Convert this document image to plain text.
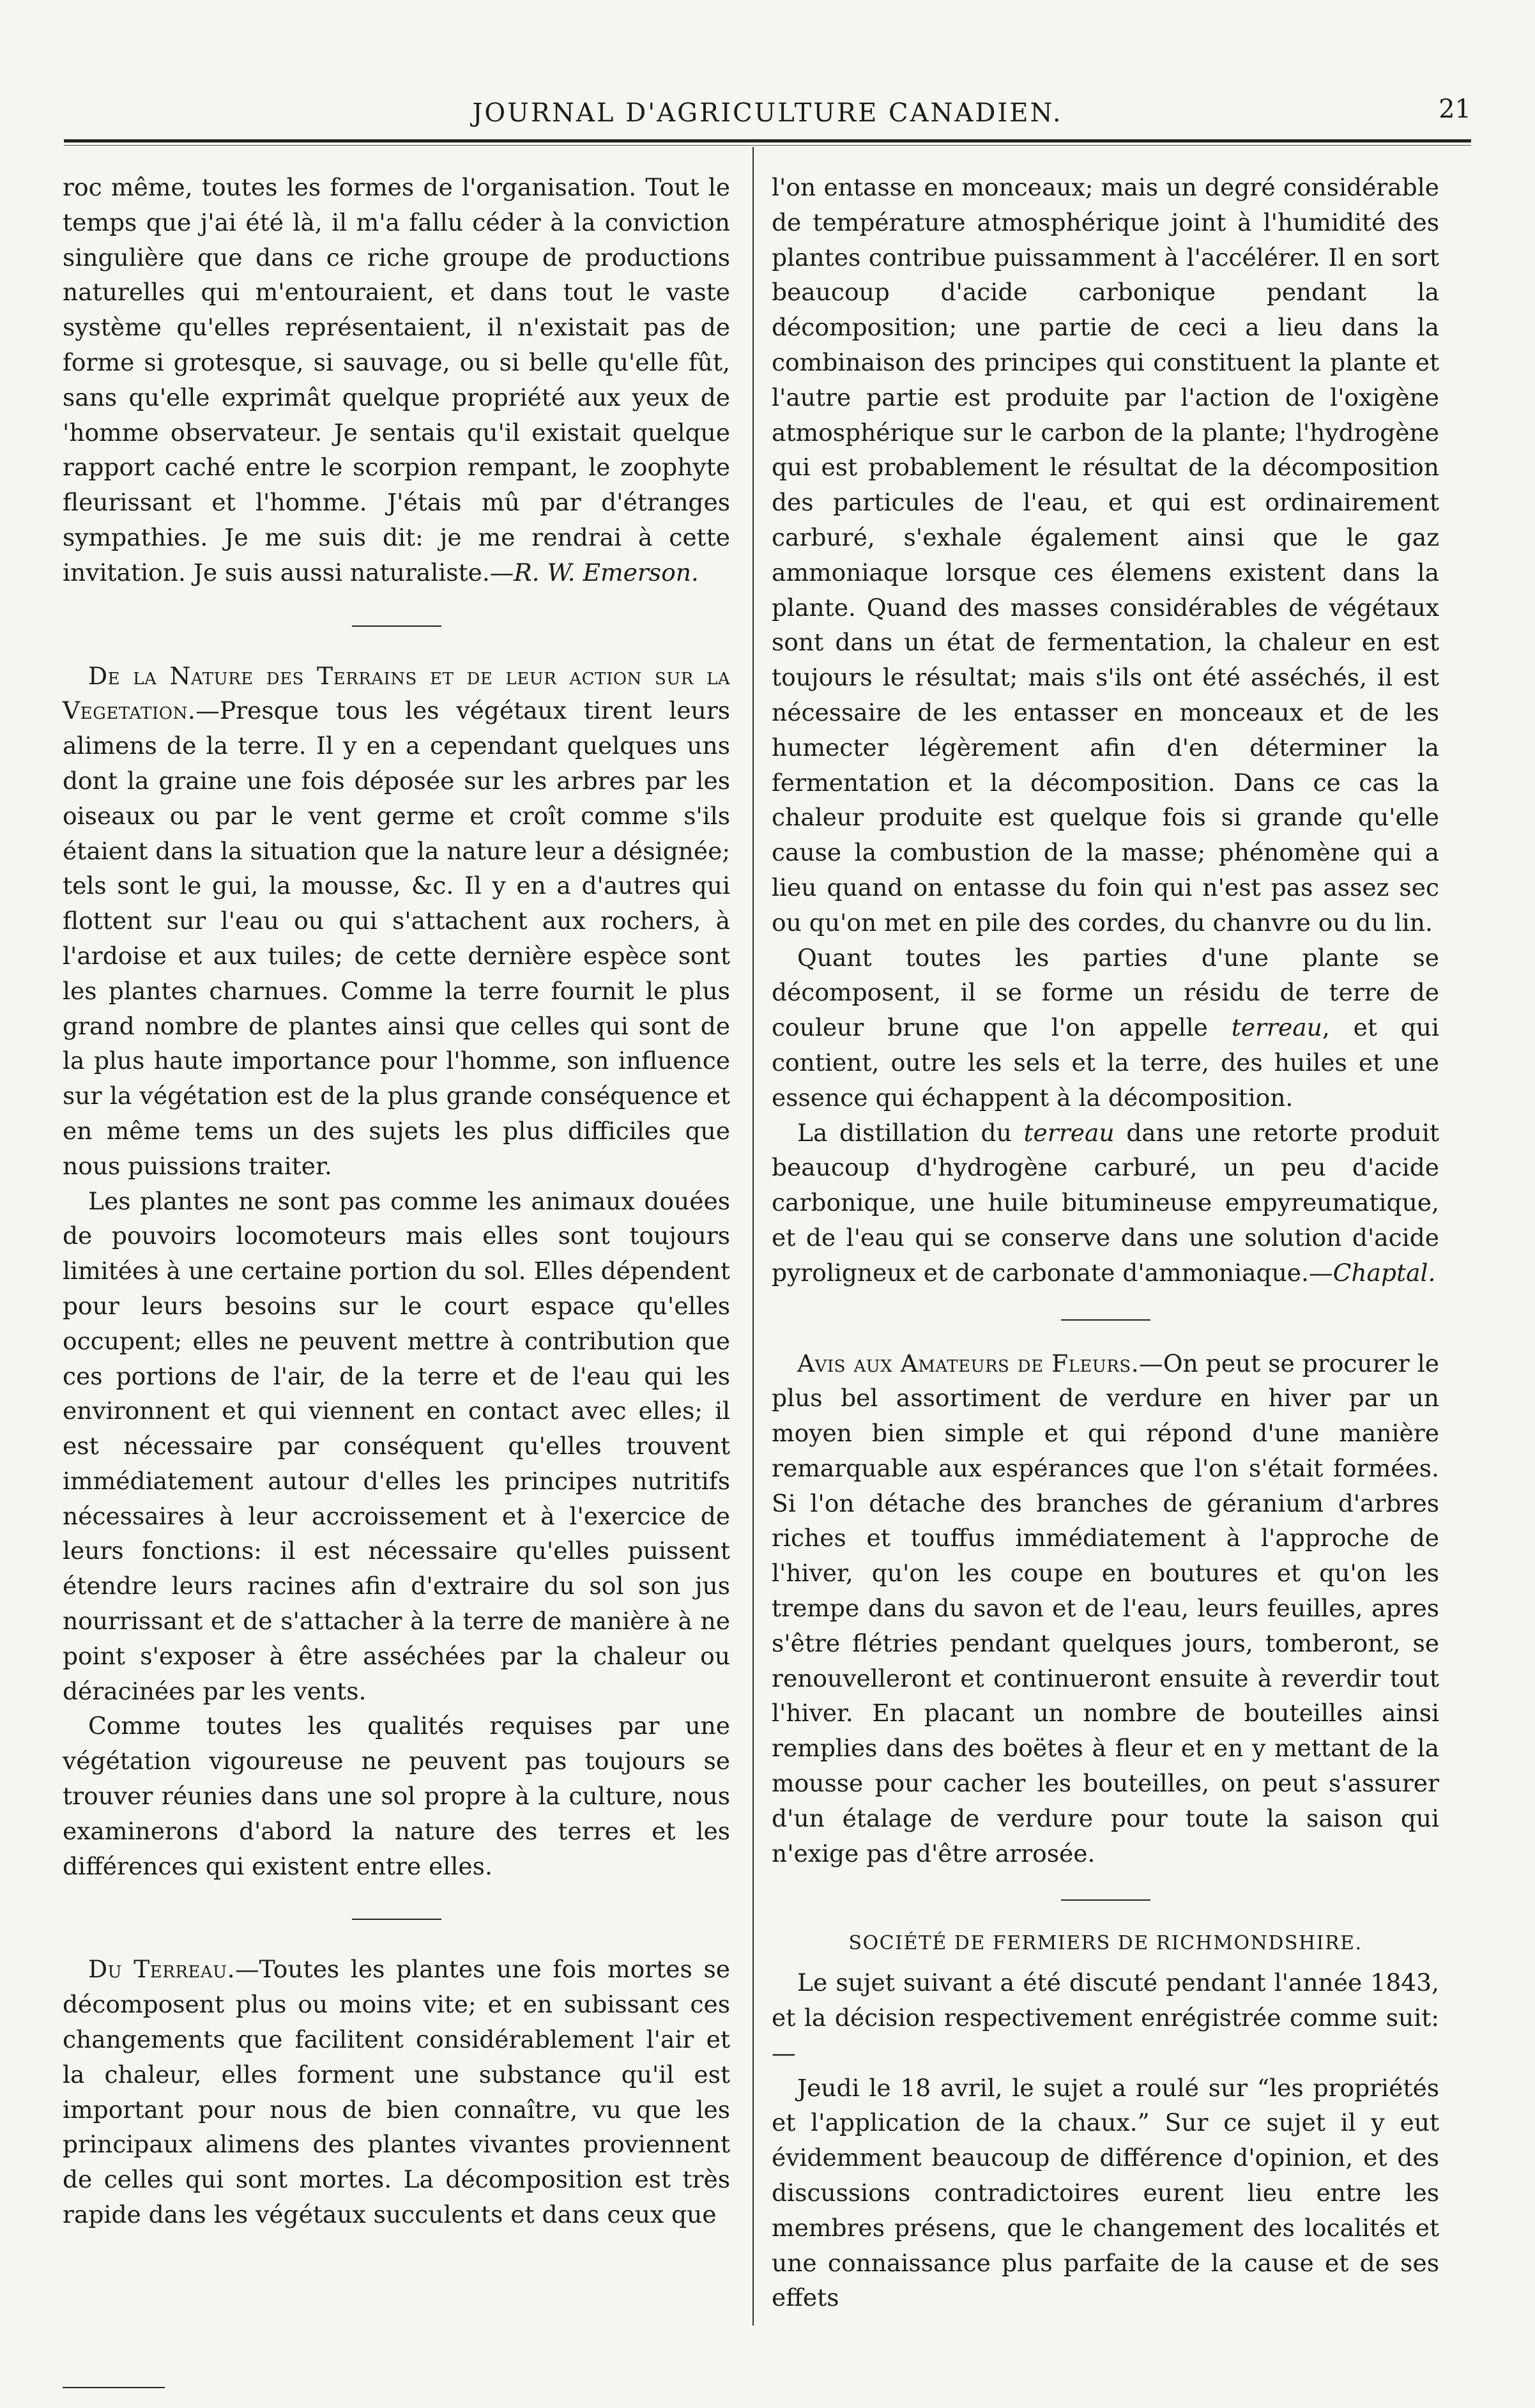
JOURNAL D'AGRICULTURE CANADIEN.	21

roc même, toutes les formes de l'organisation. Tout le temps que j'ai été là, il m'a fallu céder à la conviction singulière que dans ce riche groupe de productions naturelles qui m'entouraient, et dans tout le vaste système qu'elles représentaient, il n'existait pas de forme si grotesque, si sauvage, ou si belle qu'elle fût, sans qu'elle exprimât quelque propriété aux yeux de 'homme observateur. Je sentais qu'il existait quelque rapport caché entre le scorpion rempant, le zoophyte fleurissant et l'homme. J'étais mû par d'étranges sympathies. Je me suis dit: je me rendrai à cette invitation. Je suis aussi naturaliste.—R. W. Emerson.

De la Nature des Terrains et de leur action sur la Vegetation.—Presque tous les végétaux tirent leurs alimens de la terre. Il y en a cependant quelques uns dont la graine une fois déposée sur les arbres par les oiseaux ou par le vent germe et croît comme s'ils étaient dans la situation que la nature leur a désignée; tels sont le gui, la mousse, &c. Il y en a d'autres qui flottent sur l'eau ou qui s'attachent aux rochers, à l'ardoise et aux tuiles; de cette dernière espèce sont les plantes charnues. Comme la terre fournit le plus grand nombre de plantes ainsi que celles qui sont de la plus haute importance pour l'homme, son influence sur la végétation est de la plus grande conséquence et en même tems un des sujets les plus difficiles que nous puissions traiter.

Les plantes ne sont pas comme les animaux douées de pouvoirs locomoteurs mais elles sont toujours limitées à une certaine portion du sol. Elles dépendent pour leurs besoins sur le court espace qu'elles occupent; elles ne peuvent mettre à contribution que ces portions de l'air, de la terre et de l'eau qui les environnent et qui viennent en contact avec elles; il est nécessaire par conséquent qu'elles trouvent immédiatement autour d'elles les principes nutritifs nécessaires à leur accroissement et à l'exercice de leurs fonctions: il est nécessaire qu'elles puissent étendre leurs racines afin d'extraire du sol son jus nourrissant et de s'attacher à la terre de manière à ne point s'exposer à être asséchées par la chaleur ou déracinées par les vents.

Comme toutes les qualités requises par une végétation vigoureuse ne peuvent pas toujours se trouver réunies dans une sol propre à la culture, nous examinerons d'abord la nature des terres et les différences qui existent entre elles.

Du Terreau.—Toutes les plantes une fois mortes se décomposent plus ou moins vite; et en subissant ces changements que facilitent considérablement l'air et la chaleur, elles forment une substance qu'il est important pour nous de bien connaître, vu que les principaux alimens des plantes vivantes proviennent de celles qui sont mortes. La décomposition est très rapide dans les végétaux succulents et dans ceux que

l'on entasse en monceaux; mais un degré considérable de température atmosphérique joint à l'humidité des plantes contribue puissamment à l'accélérer. Il en sort beaucoup d'acide carbonique pendant la décomposition; une partie de ceci a lieu dans la combinaison des principes qui constituent la plante et l'autre partie est produite par l'action de l'oxigène atmosphérique sur le carbon de la plante; l'hydrogène qui est probablement le résultat de la décomposition des particules de l'eau, et qui est ordinairement carburé, s'exhale également ainsi que le gaz ammoniaque lorsque ces élemens existent dans la plante. Quand des masses considérables de végétaux sont dans un état de fermentation, la chaleur en est toujours le résultat; mais s'ils ont été asséchés, il est nécessaire de les entasser en monceaux et de les humecter légèrement afin d'en déterminer la fermentation et la décomposition. Dans ce cas la chaleur produite est quelque fois si grande qu'elle cause la combustion de la masse; phénomène qui a lieu quand on entasse du foin qui n'est pas assez sec ou qu'on met en pile des cordes, du chanvre ou du lin.

Quant toutes les parties d'une plante se décomposent, il se forme un résidu de terre de couleur brune que l'on appelle terreau, et qui contient, outre les sels et la terre, des huiles et une essence qui échappent à la décomposition.

La distillation du terreau dans une retorte produit beaucoup d'hydrogène carburé, un peu d'acide carbonique, une huile bitumineuse empyreumatique, et de l'eau qui se conserve dans une solution d'acide pyroligneux et de carbonate d'ammoniaque.—Chaptal.

Avis aux Amateurs de Fleurs.—On peut se procurer le plus bel assortiment de verdure en hiver par un moyen bien simple et qui répond d'une manière remarquable aux espérances que l'on s'était formées. Si l'on détache des branches de géranium d'arbres riches et touffus immédiatement à l'approche de l'hiver, qu'on les coupe en boutures et qu'on les trempe dans du savon et de l'eau, leurs feuilles, apres s'être flétries pendant quelques jours, tomberont, se renouvelleront et continueront ensuite à reverdir tout l'hiver. En placant un nombre de bouteilles ainsi remplies dans des boëtes à fleur et en y mettant de la mousse pour cacher les bouteilles, on peut s'assurer d'un étalage de verdure pour toute la saison qui n'exige pas d'être arrosée.

SOCIÉTÉ DE FERMIERS DE RICHMONDSHIRE.

Le sujet suivant a été discuté pendant l'année 1843, et la décision respectivement enrégistrée comme suit:—

Jeudi le 18 avril, le sujet a roulé sur “les propriétés et l'application de la chaux.” Sur ce sujet il y eut évidemment beaucoup de différence d'opinion, et des discussions contradictoires eurent lieu entre les membres présens, que le changement des localités et une connaissance plus parfaite de la cause et de ses effets
